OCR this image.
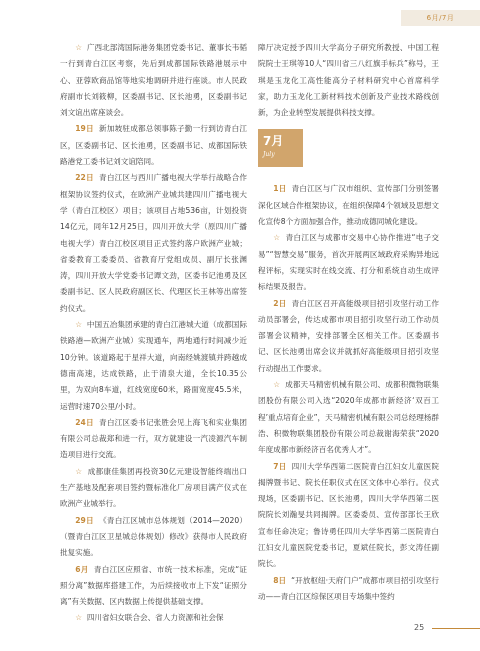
6月/7月

☆ 广西北部湾国际港务集团党委书记、董事长韦韬一行到青白江区考察，先后到成都国际铁路港展示中心、亚蓉欧商品馆等地实地调研并进行座谈。市人民政府副市长刘筱柳，区委副书记、区长池勇，区委副书记刘文谊出席座谈会。

19日 新加坡驻成都总领事陈子勤一行到访青白江区，区委副书记、区长池勇，区委副书记、成都国际铁路港党工委书记刘文谊陪同。

22日 青白江区与西川广播电视大学举行战略合作框架协议签约仪式，在欧洲产业城共建四川广播电视大学（青白江校区）项目；该项目占地536亩，计划投资14亿元，同年12月25日，四川开放大学（原四川广播电视大学）青白江校区项目正式签约落户欧洲产业城；省委教育工委委员、省教育厅党组成员、副厅长张渊涛，四川开放大学党委书记谭文劲，区委书记池勇及区委副书记、区人民政府副区长、代理区长王林等出席签约仪式。

☆ 中国五冶集团承建的青白江港城大道（成都国际铁路港—欧洲产业城）实现通车，两地通行时间减少近10分钟。该道路起于星祥大道，向南经姚渡镇并跨越成德南高速，达成铁路，止于清泉大道，全长10.35公里，为双向8车道，红线宽度60米，路面宽度45.5米，运营时速70公里/小时。

24日 青白江区委书记张胜会见上海飞和实业集团有限公司总裁郑和进一行，双方就建设一汽凌源汽车制造项目进行交流。

☆ 成都康佳集团再投资30亿元建设智能终端出口生产基地及配套项目签约暨标准化厂房项目满产仪式在欧洲产业城举行。

29日 《青白江区城市总体规划（2014—2020）（暨青白江区卫星城总体规划）修改》获得市人民政府批复实施。

6月 青白江区应照省、市统一技术标准，完成“证照分离”数据库搭建工作，为后续接收市上下发“证照分离”有关数据、区内数据上传提供基础支撑。

☆ 四川省妇女联合会、省人力资源和社会保

障厅决定授予四川大学高分子研究所教授、中国工程院院士王琪等10人“四川省三八红旗手标兵”称号，王琪是玉龙化工高性能高分子材料研究中心首席科学家，助力玉龙化工新材料技术创新及产业技术路线创新，为企业转型发展提供科技支撑。

7月
July

1日 青白江区与广汉市组织、宣传部门分别签署深化区域合作框架协议，在组织保障4个领域及思想文化宣传8个方面加强合作，推动成德同城化建设。

☆ 青白江区与成都市交易中心协作推进“电子交易”“智慧交易”服务，首次开展两区域政府采购异地远程评标，实现实时在线交流、打分和系统自动生成评标结果及报告。

2日 青白江区召开高能级项目招引攻坚行动工作动员部署会，传达成都市项目招引攻坚行动工作动员部署会议精神，安排部署全区相关工作。区委副书记、区长池勇出席会议并就抓好高能级项目招引攻坚行动提出工作要求。

☆ 成都天马精密机械有限公司、成都积微物联集团股份有限公司入选“2020年成都市新经济‘双百工程’重点培育企业”，天马精密机械有限公司总经理杨群浩、积微物联集团股份有限公司总裁谢海荣获“2020年度成都市新经济百名优秀人才”。

7日 四川大学华西第二医院青白江妇女儿童医院揭牌暨书记、院长任职仪式在区文体中心举行。仪式现场，区委副书记、区长池勇，四川大学华西第二医院院长刘瀚旻共同揭牌。区委委员、宣传部部长王欣宣布任命决定；鲁诗勇任四川大学华西第二医院青白江妇女儿童医院党委书记，夏斌任院长，彭文涛任副院长。

8日 “开放枢纽·天府门户”成都市项目招引攻坚行动——青白江区综保区项目专场集中签约

25
